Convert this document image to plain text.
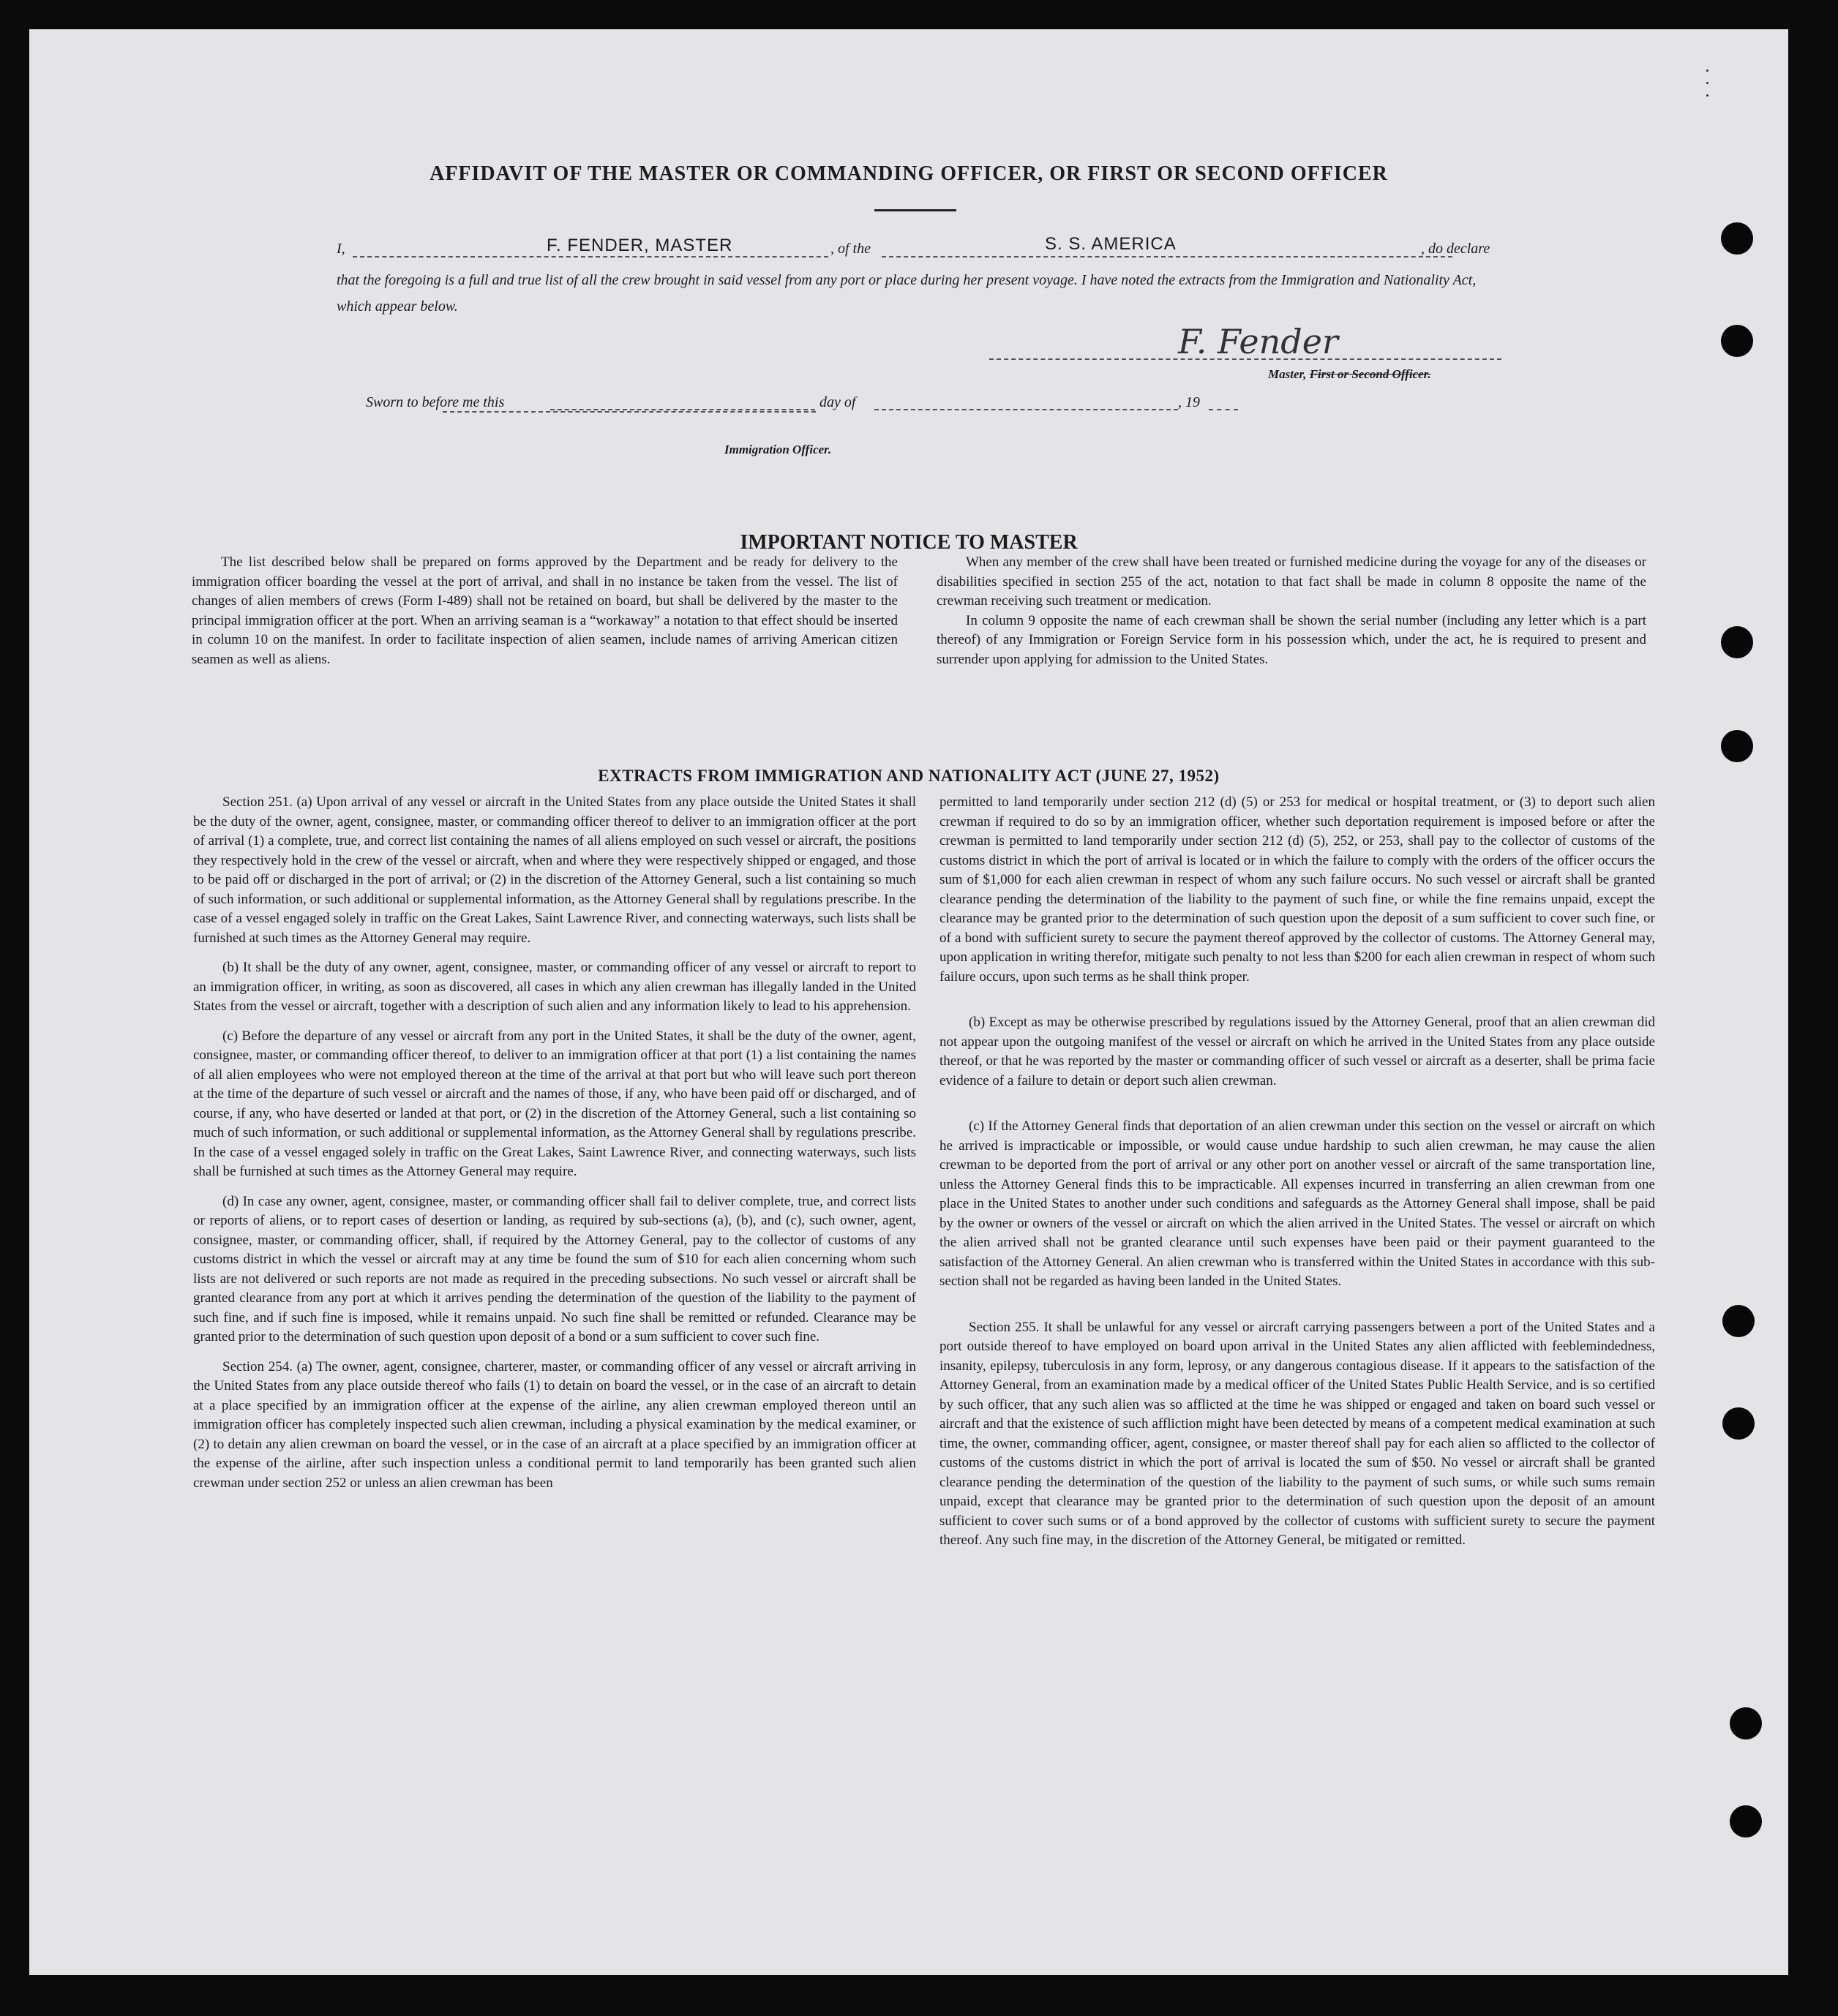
AFFIDAVIT OF THE MASTER OR COMMANDING OFFICER, OR FIRST OR SECOND OFFICER
I,	F. FENDER, MASTER	, of the	S. S. AMERICA	, do declare
that the foregoing is a full and true list of all the crew brought in said vessel from any port or place during her present voyage. I have noted the extracts from the Immigration and Nationality Act, which appear below.
F. Fender
Master, First or Second Officer.
Sworn to before me this	day of	, 19
Immigration Officer.
IMPORTANT NOTICE TO MASTER

The list described below shall be prepared on forms approved by the Department and be ready for delivery to the immigration officer boarding the vessel at the port of arrival, and shall in no instance be taken from the vessel. The list of changes of alien members of crews (Form I-489) shall not be retained on board, but shall be delivered by the master to the principal immigration officer at the port. When an arriving seaman is a “workaway” a notation to that effect should be inserted in column 10 on the manifest. In order to facilitate inspection of alien seamen, include names of arriving American citizen seamen as well as aliens.

When any member of the crew shall have been treated or furnished medicine during the voyage for any of the diseases or disabilities specified in section 255 of the act, notation to that fact shall be made in column 8 opposite the name of the crewman receiving such treatment or medication.

In column 9 opposite the name of each crewman shall be shown the serial number (including any letter which is a part thereof) of any Immigration or Foreign Service form in his possession which, under the act, he is required to present and surrender upon applying for admission to the United States.

EXTRACTS FROM IMMIGRATION AND NATIONALITY ACT (JUNE 27, 1952)

Section 251. (a) Upon arrival of any vessel or aircraft in the United States from any place outside the United States it shall be the duty of the owner, agent, consignee, master, or commanding officer thereof to deliver to an immigration officer at the port of arrival (1) a complete, true, and correct list containing the names of all aliens employed on such vessel or aircraft, the positions they respectively hold in the crew of the vessel or aircraft, when and where they were respectively shipped or engaged, and those to be paid off or discharged in the port of arrival; or (2) in the discretion of the Attorney General, such a list containing so much of such information, or such additional or supplemental information, as the Attorney General shall by regulations prescribe. In the case of a vessel engaged solely in traffic on the Great Lakes, Saint Lawrence River, and connecting waterways, such lists shall be furnished at such times as the Attorney General may require.

(b) It shall be the duty of any owner, agent, consignee, master, or commanding officer of any vessel or aircraft to report to an immigration officer, in writing, as soon as discovered, all cases in which any alien crewman has illegally landed in the United States from the vessel or aircraft, together with a description of such alien and any information likely to lead to his apprehension.

(c) Before the departure of any vessel or aircraft from any port in the United States, it shall be the duty of the owner, agent, consignee, master, or commanding officer thereof, to deliver to an immigration officer at that port (1) a list containing the names of all alien employees who were not employed thereon at the time of the arrival at that port but who will leave such port thereon at the time of the departure of such vessel or aircraft and the names of those, if any, who have been paid off or discharged, and of course, if any, who have deserted or landed at that port, or (2) in the discretion of the Attorney General, such a list containing so much of such information, or such additional or supplemental information, as the Attorney General shall by regulations prescribe. In the case of a vessel engaged solely in traffic on the Great Lakes, Saint Lawrence River, and connecting waterways, such lists shall be furnished at such times as the Attorney General may require.

(d) In case any owner, agent, consignee, master, or commanding officer shall fail to deliver complete, true, and correct lists or reports of aliens, or to report cases of desertion or landing, as required by sub-sections (a), (b), and (c), such owner, agent, consignee, master, or commanding officer, shall, if required by the Attorney General, pay to the collector of customs of any customs district in which the vessel or aircraft may at any time be found the sum of $10 for each alien concerning whom such lists are not delivered or such reports are not made as required in the preceding subsections. No such vessel or aircraft shall be granted clearance from any port at which it arrives pending the determination of the question of the liability to the payment of such fine, and if such fine is imposed, while it remains unpaid. No such fine shall be remitted or refunded. Clearance may be granted prior to the determination of such question upon deposit of a bond or a sum sufficient to cover such fine.

Section 254. (a) The owner, agent, consignee, charterer, master, or commanding officer of any vessel or aircraft arriving in the United States from any place outside thereof who fails (1) to detain on board the vessel, or in the case of an aircraft to detain at a place specified by an immigration officer at the expense of the airline, any alien crewman employed thereon until an immigration officer has completely inspected such alien crewman, including a physical examination by the medical examiner, or (2) to detain any alien crewman on board the vessel, or in the case of an aircraft at a place specified by an immigration officer at the expense of the airline, after such inspection unless a conditional permit to land temporarily has been granted such alien crewman under section 252 or unless an alien crewman has been

permitted to land temporarily under section 212 (d) (5) or 253 for medical or hospital treatment, or (3) to deport such alien crewman if required to do so by an immigration officer, whether such deportation requirement is imposed before or after the crewman is permitted to land temporarily under section 212 (d) (5), 252, or 253, shall pay to the collector of customs of the customs district in which the port of arrival is located or in which the failure to comply with the orders of the officer occurs the sum of $1,000 for each alien crewman in respect of whom any such failure occurs. No such vessel or aircraft shall be granted clearance pending the determination of the liability to the payment of such fine, or while the fine remains unpaid, except the clearance may be granted prior to the determination of such question upon the deposit of a sum sufficient to cover such fine, or of a bond with sufficient surety to secure the payment thereof approved by the collector of customs. The Attorney General may, upon application in writing therefor, mitigate such penalty to not less than $200 for each alien crewman in respect of whom such failure occurs, upon such terms as he shall think proper.

(b) Except as may be otherwise prescribed by regulations issued by the Attorney General, proof that an alien crewman did not appear upon the outgoing manifest of the vessel or aircraft on which he arrived in the United States from any place outside thereof, or that he was reported by the master or commanding officer of such vessel or aircraft as a deserter, shall be prima facie evidence of a failure to detain or deport such alien crewman.

(c) If the Attorney General finds that deportation of an alien crewman under this section on the vessel or aircraft on which he arrived is impracticable or impossible, or would cause undue hardship to such alien crewman, he may cause the alien crewman to be deported from the port of arrival or any other port on another vessel or aircraft of the same transportation line, unless the Attorney General finds this to be impracticable. All expenses incurred in transferring an alien crewman from one place in the United States to another under such conditions and safeguards as the Attorney General shall impose, shall be paid by the owner or owners of the vessel or aircraft on which the alien arrived in the United States. The vessel or aircraft on which the alien arrived shall not be granted clearance until such expenses have been paid or their payment guaranteed to the satisfaction of the Attorney General. An alien crewman who is transferred within the United States in accordance with this sub-section shall not be regarded as having been landed in the United States.

Section 255. It shall be unlawful for any vessel or aircraft carrying passengers between a port of the United States and a port outside thereof to have employed on board upon arrival in the United States any alien afflicted with feeblemindedness, insanity, epilepsy, tuberculosis in any form, leprosy, or any dangerous contagious disease. If it appears to the satisfaction of the Attorney General, from an examination made by a medical officer of the United States Public Health Service, and is so certified by such officer, that any such alien was so afflicted at the time he was shipped or engaged and taken on board such vessel or aircraft and that the existence of such affliction might have been detected by means of a competent medical examination at such time, the owner, commanding officer, agent, consignee, or master thereof shall pay for each alien so afflicted to the collector of customs of the customs district in which the port of arrival is located the sum of $50. No vessel or aircraft shall be granted clearance pending the determination of the question of the liability to the payment of such sums, or while such sums remain unpaid, except that clearance may be granted prior to the determination of such question upon the deposit of an amount sufficient to cover such sums or of a bond approved by the collector of customs with sufficient surety to secure the payment thereof. Any such fine may, in the discretion of the Attorney General, be mitigated or remitted.
